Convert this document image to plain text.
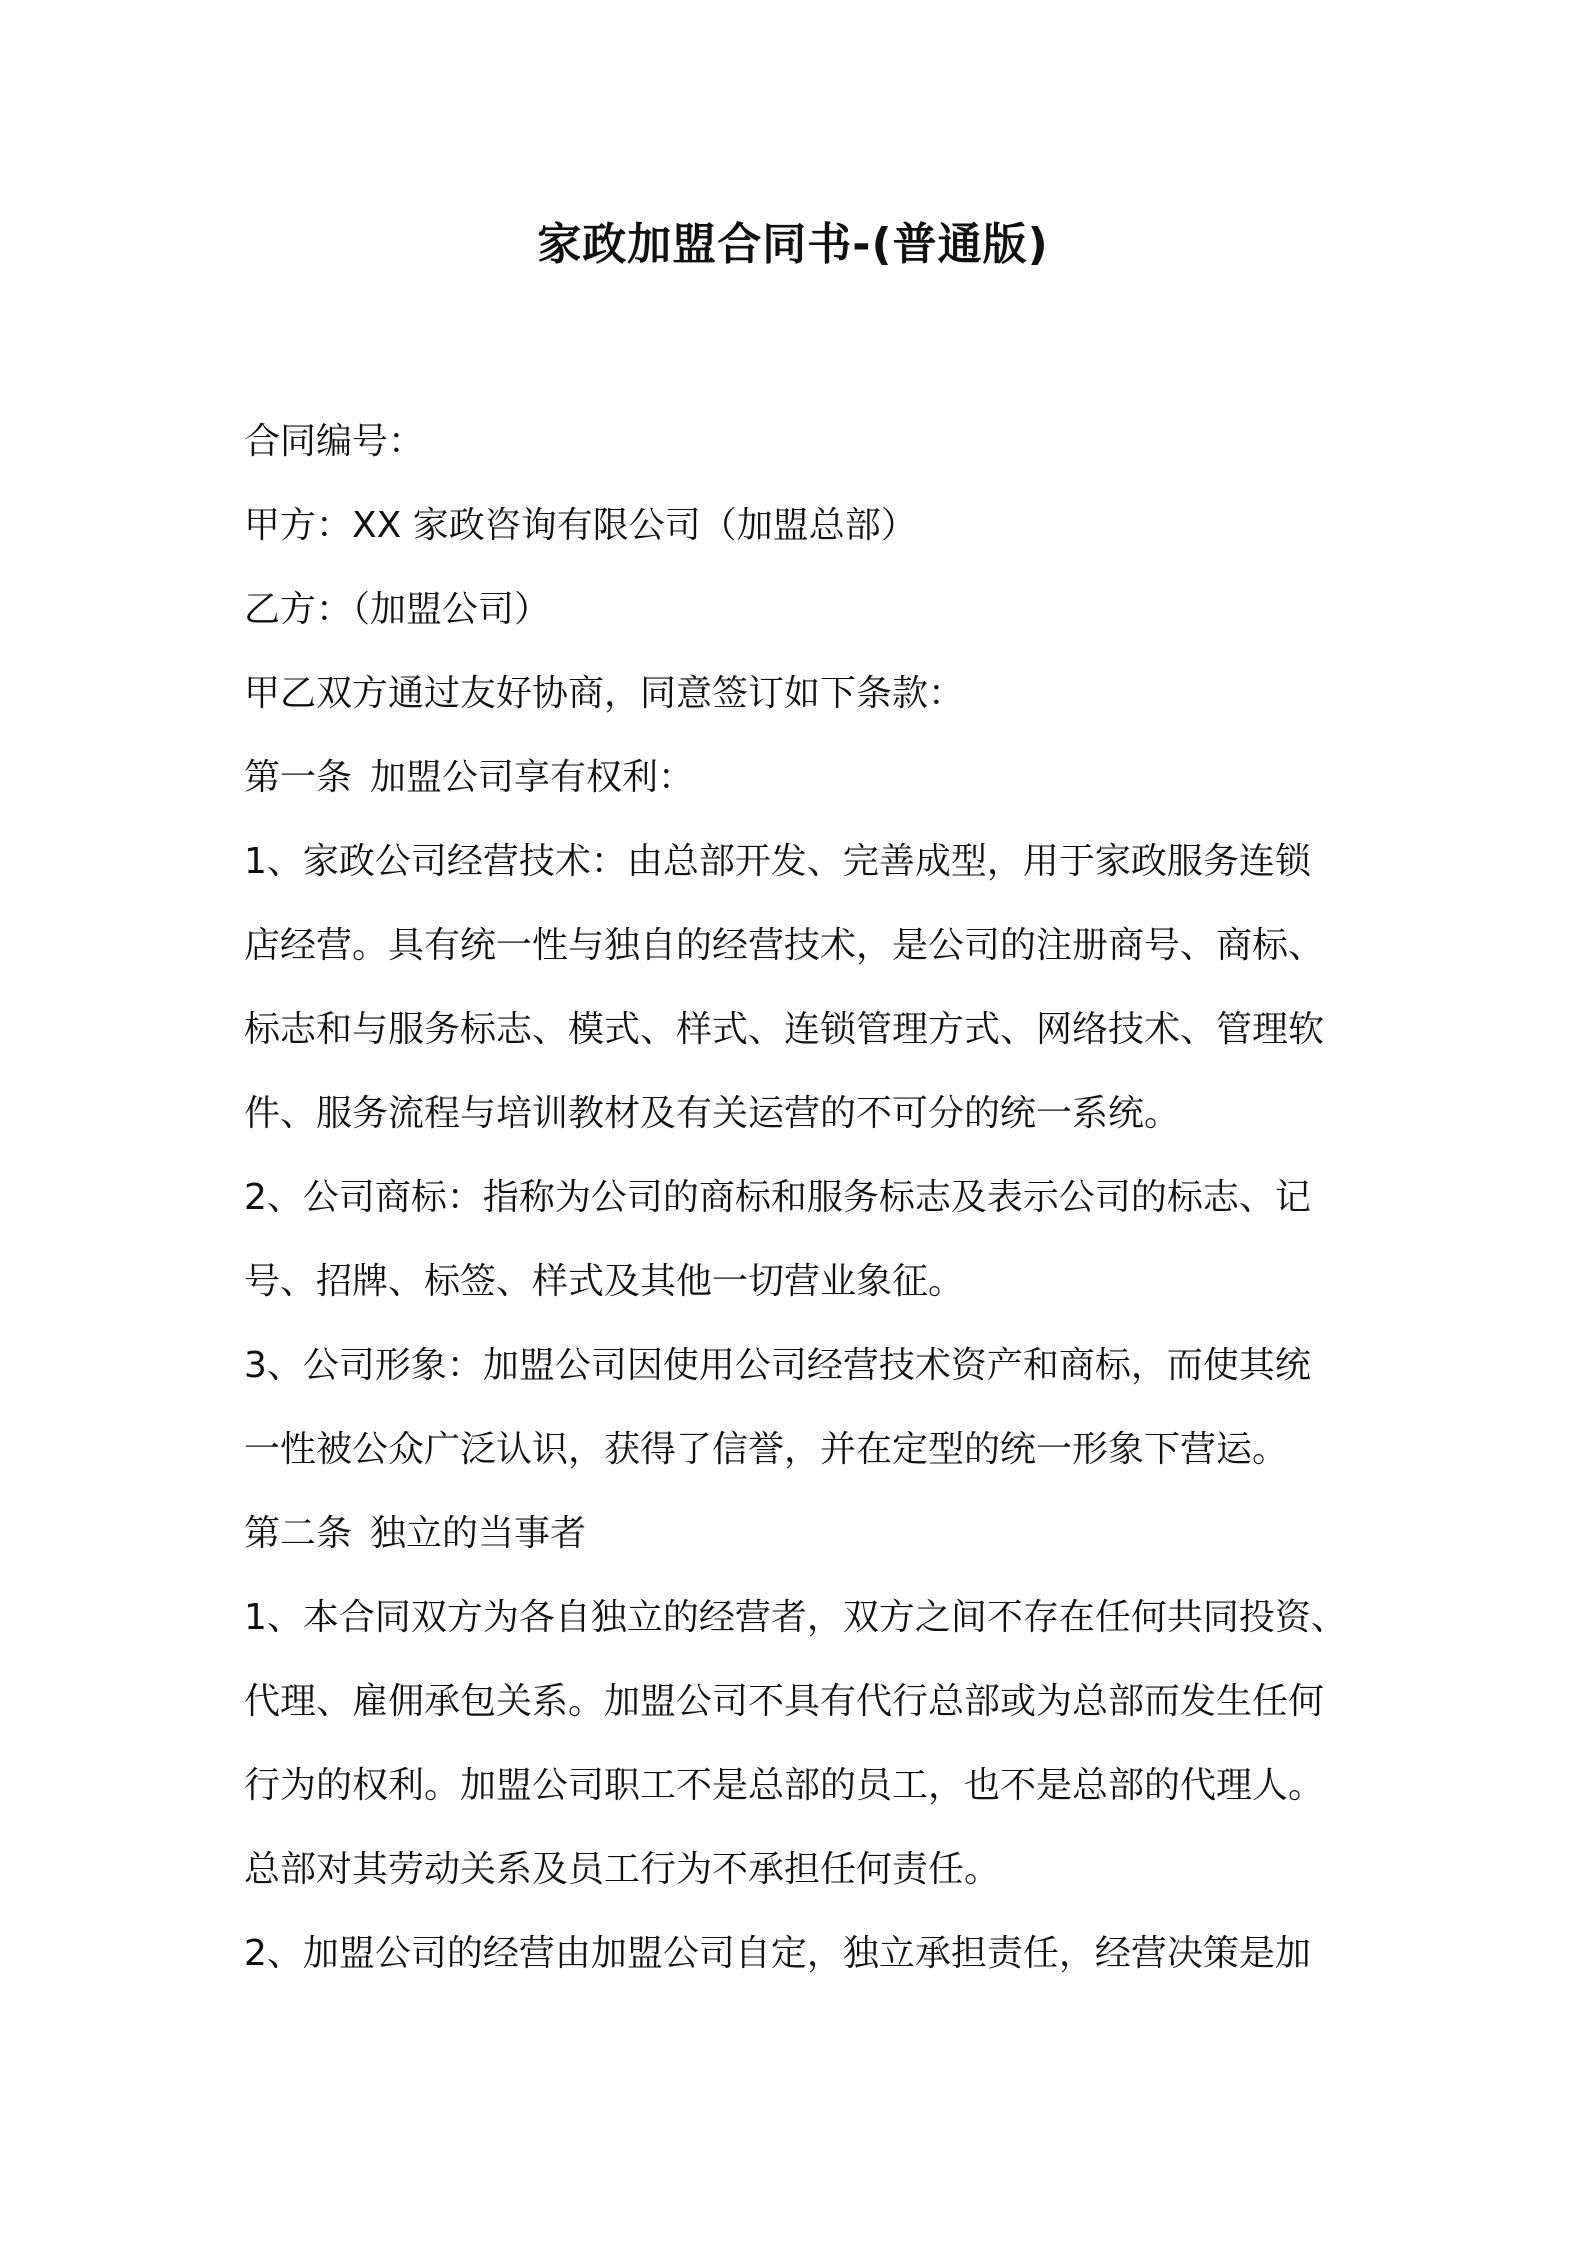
家政加盟合同书-(普通版)

合同编号：

甲方：XX 家政咨询有限公司（加盟总部）

乙方：（加盟公司）

甲乙双方通过友好协商，同意签订如下条款：

第一条 加盟公司享有权利：

1、家政公司经营技术：由总部开发、完善成型，用于家政服务连锁

店经营。具有统一性与独自的经营技术，是公司的注册商号、商标、

标志和与服务标志、模式、样式、连锁管理方式、网络技术、管理软

件、服务流程与培训教材及有关运营的不可分的统一系统。

2、公司商标：指称为公司的商标和服务标志及表示公司的标志、记

号、招牌、标签、样式及其他一切营业象征。

3、公司形象：加盟公司因使用公司经营技术资产和商标，而使其统

一性被公众广泛认识，获得了信誉，并在定型的统一形象下营运。

第二条 独立的当事者

1、本合同双方为各自独立的经营者，双方之间不存在任何共同投资、

代理、雇佣承包关系。加盟公司不具有代行总部或为总部而发生任何

行为的权利。加盟公司职工不是总部的员工，也不是总部的代理人。

总部对其劳动关系及员工行为不承担任何责任。

2、加盟公司的经营由加盟公司自定，独立承担责任，经营决策是加
